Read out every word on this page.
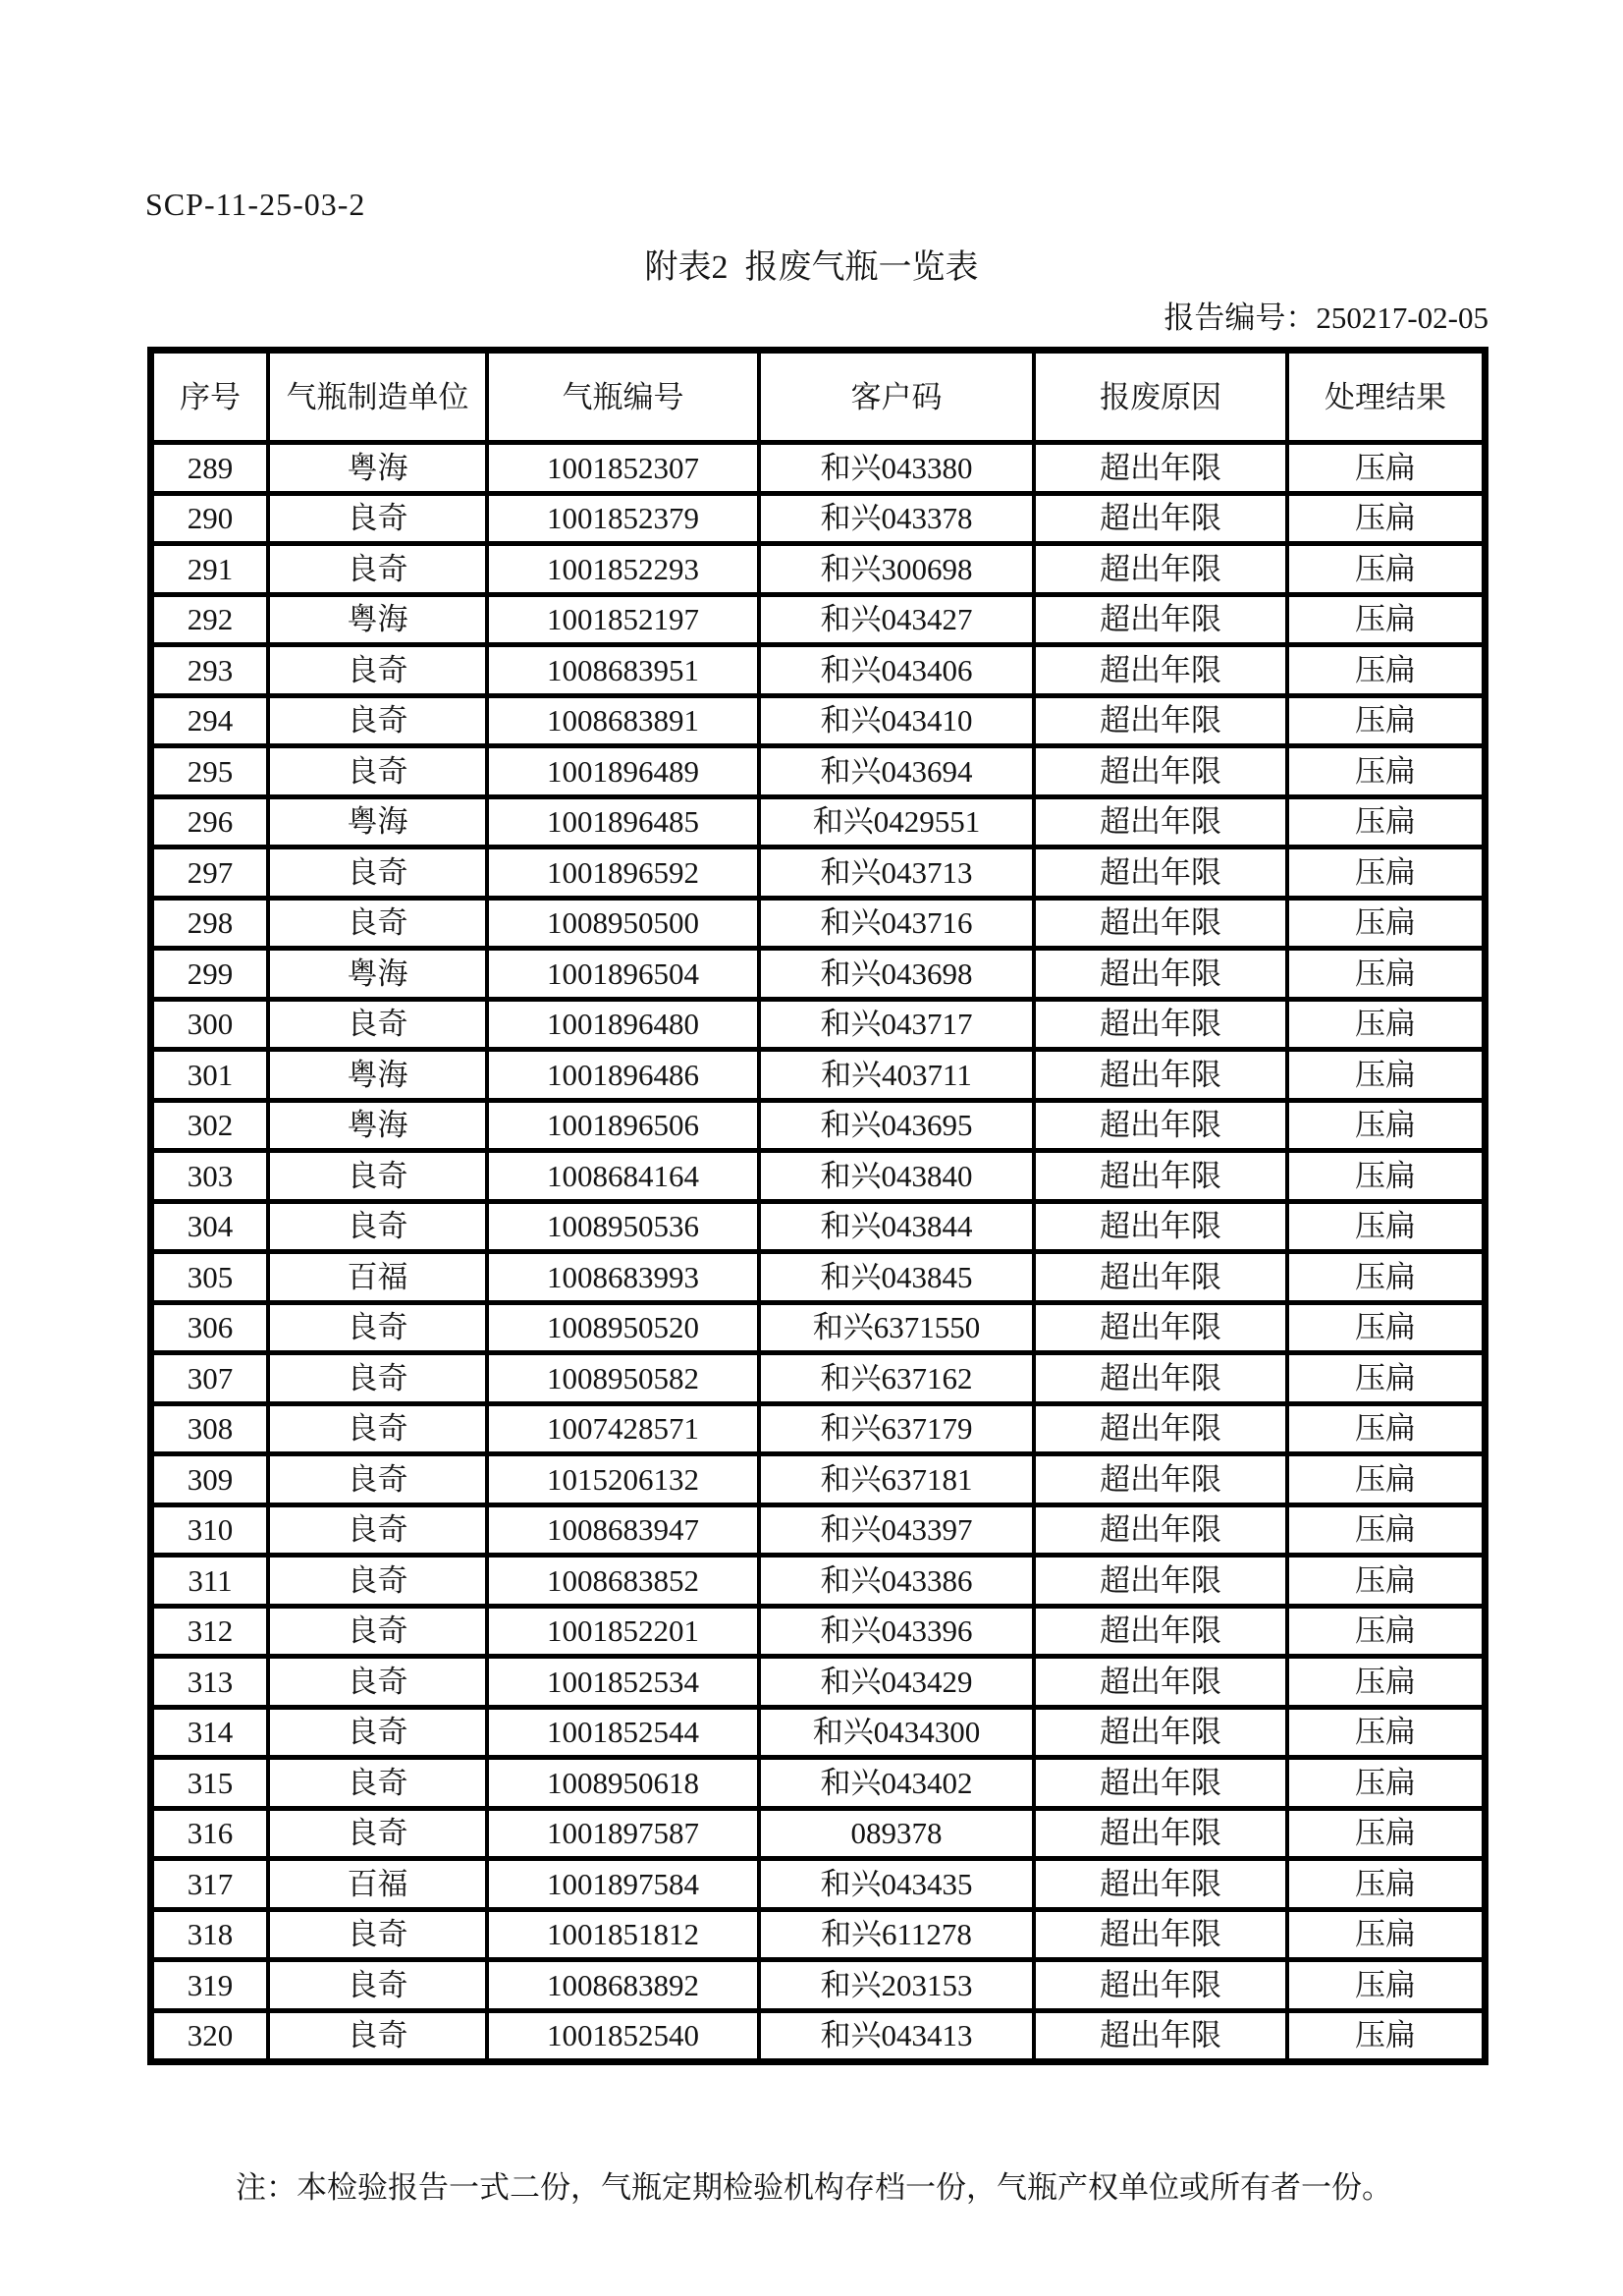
SCP-11-25-03-2
附表2  报废气瓶一览表
报告编号：250217-02-05
序号	气瓶制造单位	气瓶编号	客户码	报废原因	处理结果
289	粤海	1001852307	和兴043380	超出年限	压扁
290	良奇	1001852379	和兴043378	超出年限	压扁
291	良奇	1001852293	和兴300698	超出年限	压扁
292	粤海	1001852197	和兴043427	超出年限	压扁
293	良奇	1008683951	和兴043406	超出年限	压扁
294	良奇	1008683891	和兴043410	超出年限	压扁
295	良奇	1001896489	和兴043694	超出年限	压扁
296	粤海	1001896485	和兴0429551	超出年限	压扁
297	良奇	1001896592	和兴043713	超出年限	压扁
298	良奇	1008950500	和兴043716	超出年限	压扁
299	粤海	1001896504	和兴043698	超出年限	压扁
300	良奇	1001896480	和兴043717	超出年限	压扁
301	粤海	1001896486	和兴403711	超出年限	压扁
302	粤海	1001896506	和兴043695	超出年限	压扁
303	良奇	1008684164	和兴043840	超出年限	压扁
304	良奇	1008950536	和兴043844	超出年限	压扁
305	百福	1008683993	和兴043845	超出年限	压扁
306	良奇	1008950520	和兴6371550	超出年限	压扁
307	良奇	1008950582	和兴637162	超出年限	压扁
308	良奇	1007428571	和兴637179	超出年限	压扁
309	良奇	1015206132	和兴637181	超出年限	压扁
310	良奇	1008683947	和兴043397	超出年限	压扁
311	良奇	1008683852	和兴043386	超出年限	压扁
312	良奇	1001852201	和兴043396	超出年限	压扁
313	良奇	1001852534	和兴043429	超出年限	压扁
314	良奇	1001852544	和兴0434300	超出年限	压扁
315	良奇	1008950618	和兴043402	超出年限	压扁
316	良奇	1001897587	089378	超出年限	压扁
317	百福	1001897584	和兴043435	超出年限	压扁
318	良奇	1001851812	和兴611278	超出年限	压扁
319	良奇	1008683892	和兴203153	超出年限	压扁
320	良奇	1001852540	和兴043413	超出年限	压扁
注：本检验报告一式二份，气瓶定期检验机构存档一份，气瓶产权单位或所有者一份。
